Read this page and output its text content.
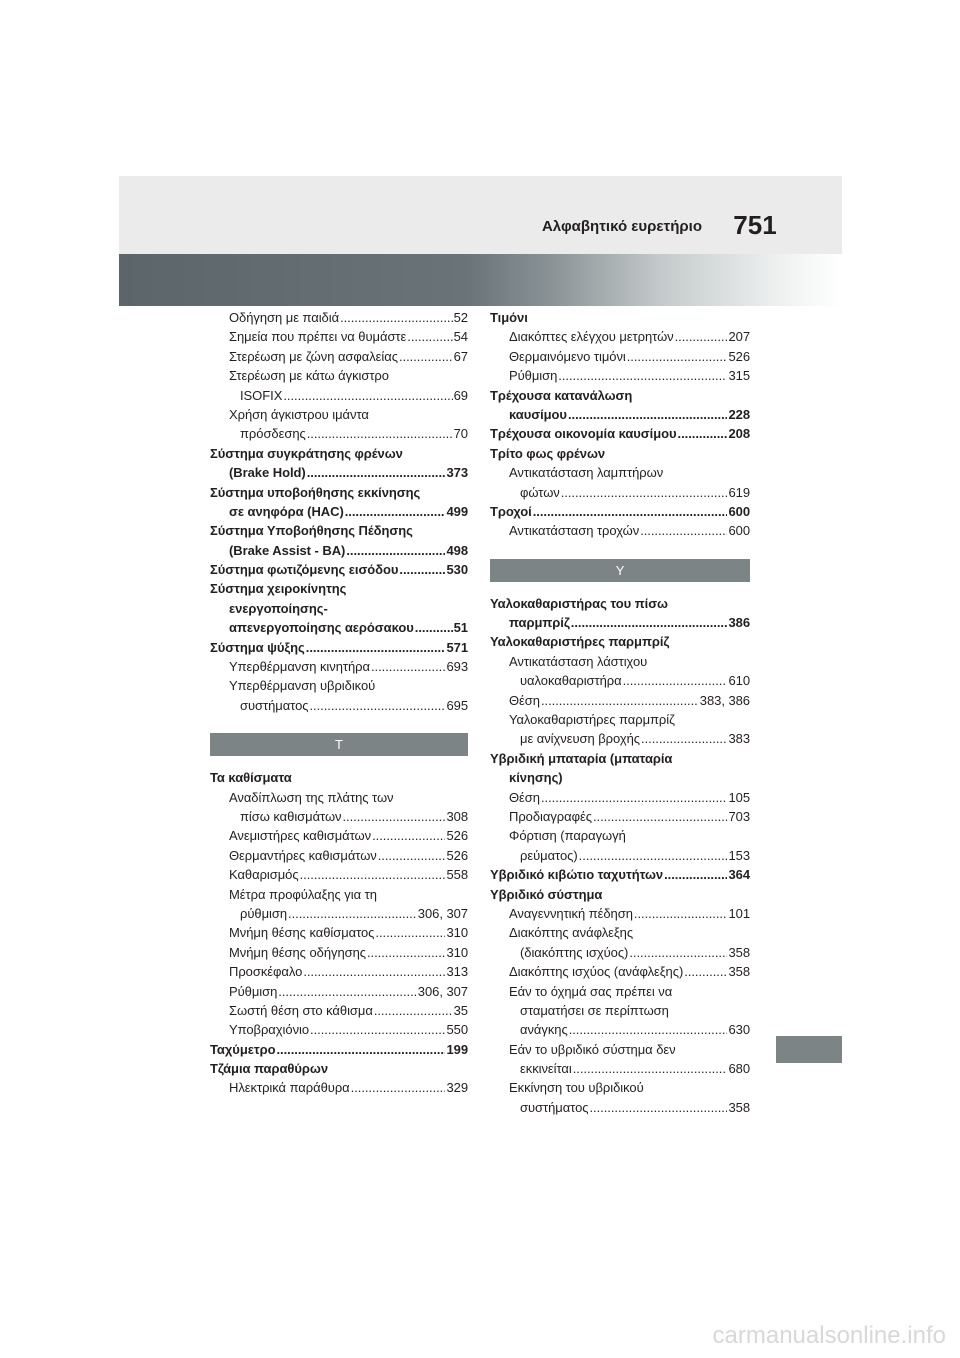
Αλφαβητικό ευρετήριο	751
Οδήγηση με παιδιά .....	52
Σημεία που πρέπει να θυμάστε .....	54
Στερέωση με ζώνη ασφαλείας .....	67
Στερέωση με κάτω άγκιστρο
ISOFIX .....	69
Χρήση άγκιστρου ιμάντα
πρόσδεσης .....	70
Σύστημα συγκράτησης φρένων
(Brake Hold) .....	373
Σύστημα υποβοήθησης εκκίνησης
σε ανηφόρα (HAC) .....	499
Σύστημα Υποβοήθησης Πέδησης
(Brake Assist - BA) .....	498
Σύστημα φωτιζόμενης εισόδου .....	530
Σύστημα χειροκίνητης
ενεργοποίησης-
απενεργοποίησης αερόσακου .....	51
Σύστημα ψύξης .....	571
Υπερθέρμανση κινητήρα .....	693
Υπερθέρμανση υβριδικού
συστήματος .....	695
Τ
Τα καθίσματα
Αναδίπλωση της πλάτης των
πίσω καθισμάτων .....	308
Ανεμιστήρες καθισμάτων .....	526
Θερμαντήρες καθισμάτων .....	526
Καθαρισμός .....	558
Μέτρα προφύλαξης για τη
ρύθμιση .....	306, 307
Μνήμη θέσης καθίσματος .....	310
Μνήμη θέσης οδήγησης .....	310
Προσκέφαλο .....	313
Ρύθμιση .....	306, 307
Σωστή θέση στο κάθισμα .....	35
Υποβραχιόνιο .....	550
Ταχύμετρο .....	199
Τζάμια παραθύρων
Ηλεκτρικά παράθυρα .....	329
Τιμόνι
Διακόπτες ελέγχου μετρητών .....	207
Θερμαινόμενο τιμόνι .....	526
Ρύθμιση .....	315
Τρέχουσα κατανάλωση
καυσίμου .....	228
Τρέχουσα οικονομία καυσίμου .....	208
Τρίτο φως φρένων
Αντικατάσταση λαμπτήρων
φώτων .....	619
Τροχοί .....	600
Αντικατάσταση τροχών .....	600
Υ
Υαλοκαθαριστήρας του πίσω
παρμπρίζ .....	386
Υαλοκαθαριστήρες παρμπρίζ
Αντικατάσταση λάστιχου
υαλοκαθαριστήρα .....	610
Θέση .....	383, 386
Υαλοκαθαριστήρες παρμπρίζ
με ανίχνευση βροχής .....	383
Υβριδική μπαταρία (μπαταρία
κίνησης)
Θέση .....	105
Προδιαγραφές .....	703
Φόρτιση (παραγωγή
ρεύματος) .....	153
Υβριδικό κιβώτιο ταχυτήτων .....	364
Υβριδικό σύστημα
Αναγεννητική πέδηση .....	101
Διακόπτης ανάφλεξης
(διακόπτης ισχύος) .....	358
Διακόπτης ισχύος (ανάφλεξης) .....	358
Εάν το όχημά σας πρέπει να
σταματήσει σε περίπτωση
ανάγκης .....	630
Εάν το υβριδικό σύστημα δεν
εκκινείται .....	680
Εκκίνηση του υβριδικού
συστήματος .....	358
carmanualsonline.info
